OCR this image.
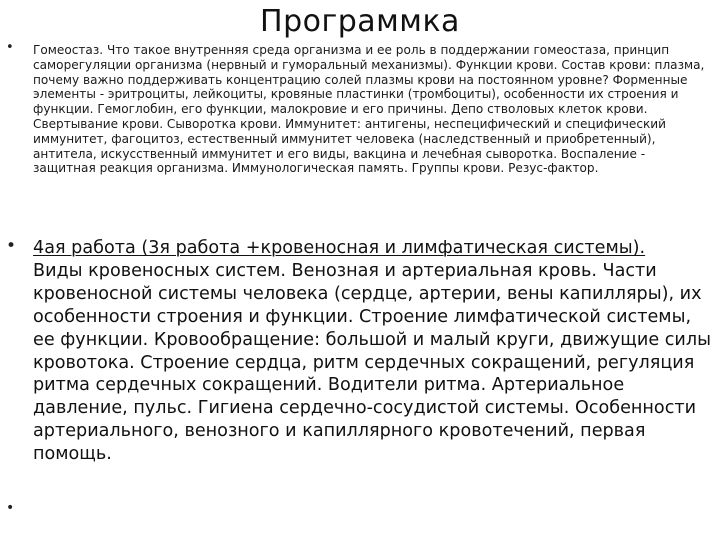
Программка
• Гомеостаз. Что такое внутренняя среда организма и ее роль в поддержании гомеостаза, принцип саморегуляции организма (нервный и гуморальный механизмы). Функции крови. Состав крови: плазма, почему важно поддерживать концентрацию солей плазмы крови на постоянном уровне? Форменные элементы - эритроциты, лейкоциты, кровяные пластинки (тромбоциты), особенности их строения и функции. Гемоглобин, его функции, малокровие и его причины. Депо стволовых клеток крови. Свертывание крови. Сыворотка крови. Иммунитет: антигены, неспецифический и специфический иммунитет, фагоцитоз, естественный иммунитет человека (наследственный и приобретенный), антитела, искусственный иммунитет и его виды, вакцина и лечебная сыворотка. Воспаление - защитная реакция организма. Иммунологическая память. Группы крови. Резус-фактор.

• 4ая работа (3я работа +кровеносная и лимфатическая системы).
Виды кровеносных систем. Венозная и артериальная кровь. Части кровеносной системы человека (сердце, артерии, вены капилляры), их особенности строения и функции. Строение лимфатической системы, ее функции. Кровообращение: большой и малый круги, движущие силы кровотока. Строение сердца, ритм сердечных сокращений, регуляция ритма сердечных сокращений. Водители ритма. Артериальное давление, пульс. Гигиена сердечно-сосудистой системы. Особенности артериального, венозного и капиллярного кровотечений, первая помощь.

•
